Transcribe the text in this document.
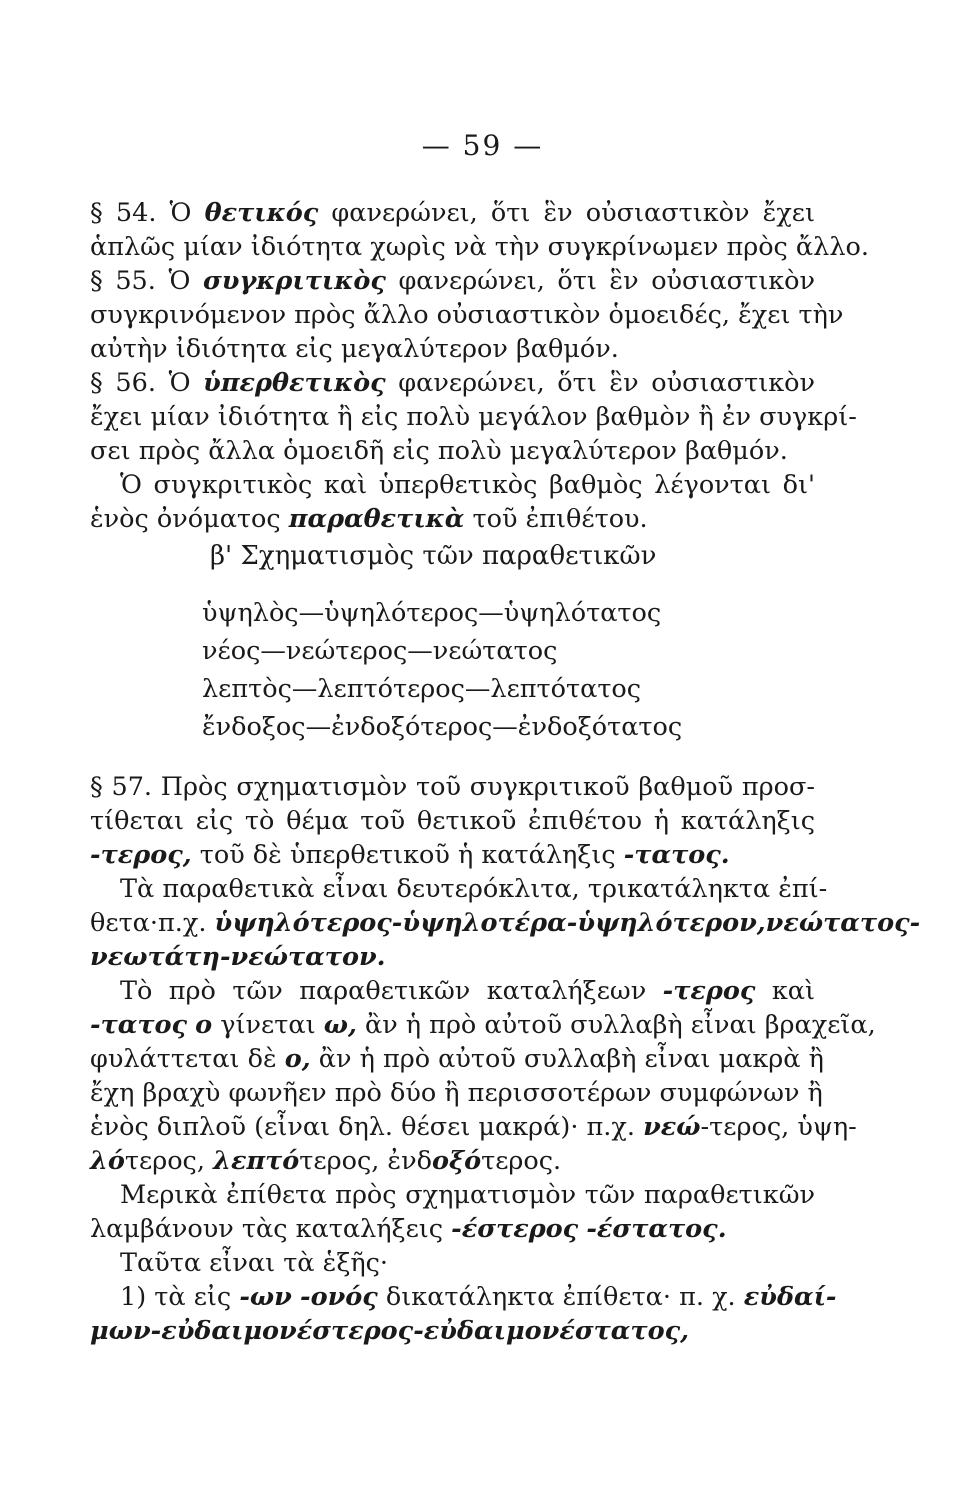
— 59 —
§ 54. Ὁ θετικός φανερώνει, ὅτι ἓν οὐσιαστικὸν ἔχει
ἁπλῶς μίαν ἰδιότητα χωρὶς νὰ τὴν συγκρίνωμεν πρὸς ἄλλο.
§ 55. Ὁ συγκριτικὸς φανερώνει, ὅτι ἓν οὐσιαστικὸν
συγκρινόμενον πρὸς ἄλλο οὐσιαστικὸν ὁμοειδές, ἔχει τὴν
αὐτὴν ἰδιότητα εἰς μεγαλύτερον βαθμόν.
§ 56. Ὁ ὑπερθετικὸς φανερώνει, ὅτι ἓν οὐσιαστικὸν
ἔχει μίαν ἰδιότητα ἢ εἰς πολὺ μεγάλον βαθμὸν ἢ ἐν συγκρί-
σει πρὸς ἄλλα ὁμοειδῆ εἰς πολὺ μεγαλύτερον βαθμόν.
Ὁ συγκριτικὸς καὶ ὑπερθετικὸς βαθμὸς λέγονται δι'
ἑνὸς ὀνόματος παραθετικὰ τοῦ ἐπιθέτου.
β' Σχηματισμὸς τῶν παραθετικῶν
ὑψηλὸς—ὑψηλότερος—ὑψηλότατος
νέος—νεώτερος—νεώτατος
λεπτὸς—λεπτότερος—λεπτότατος
ἔνδοξος—ἐνδοξότερος—ἐνδοξότατος
§ 57. Πρὸς σχηματισμὸν τοῦ συγκριτικοῦ βαθμοῦ προσ-
τίθεται εἰς τὸ θέμα τοῦ θετικοῦ ἐπιθέτου ἡ κατάληξις
-τερος, τοῦ δὲ ὑπερθετικοῦ ἡ κατάληξις -τατος.
Τὰ παραθετικὰ εἶναι δευτερόκλιτα, τρικατάληκτα ἐπί-
θετα·π.χ. ὑψηλότερος-ὑψηλοτέρα-ὑψηλότερον,νεώτατος-
νεωτάτη-νεώτατον.
Τὸ πρὸ τῶν παραθετικῶν καταλήξεων -τερος καὶ
-τατος ο γίνεται ω, ἂν ἡ πρὸ αὐτοῦ συλλαβὴ εἶναι βραχεῖα,
φυλάττεται δὲ ο, ἂν ἡ πρὸ αὐτοῦ συλλαβὴ εἶναι μακρὰ ἢ
ἔχη βραχὺ φωνῆεν πρὸ δύο ἢ περισσοτέρων συμφώνων ἢ
ἑνὸς διπλοῦ (εἶναι δηλ. θέσει μακρά)· π.χ. νεώ-τερος, ὑψη-
λότερος, λεπτότερος, ἐνδοξότερος.
Μερικὰ ἐπίθετα πρὸς σχηματισμὸν τῶν παραθετικῶν
λαμβάνουν τὰς καταλήξεις -έστερος -έστατος.
Ταῦτα εἶναι τὰ ἑξῆς·
1) τὰ εἰς -ων -ονός δικατάληκτα ἐπίθετα· π. χ. εὐδαί-
μων-εὐδαιμονέστερος-εὐδαιμονέστατος,
